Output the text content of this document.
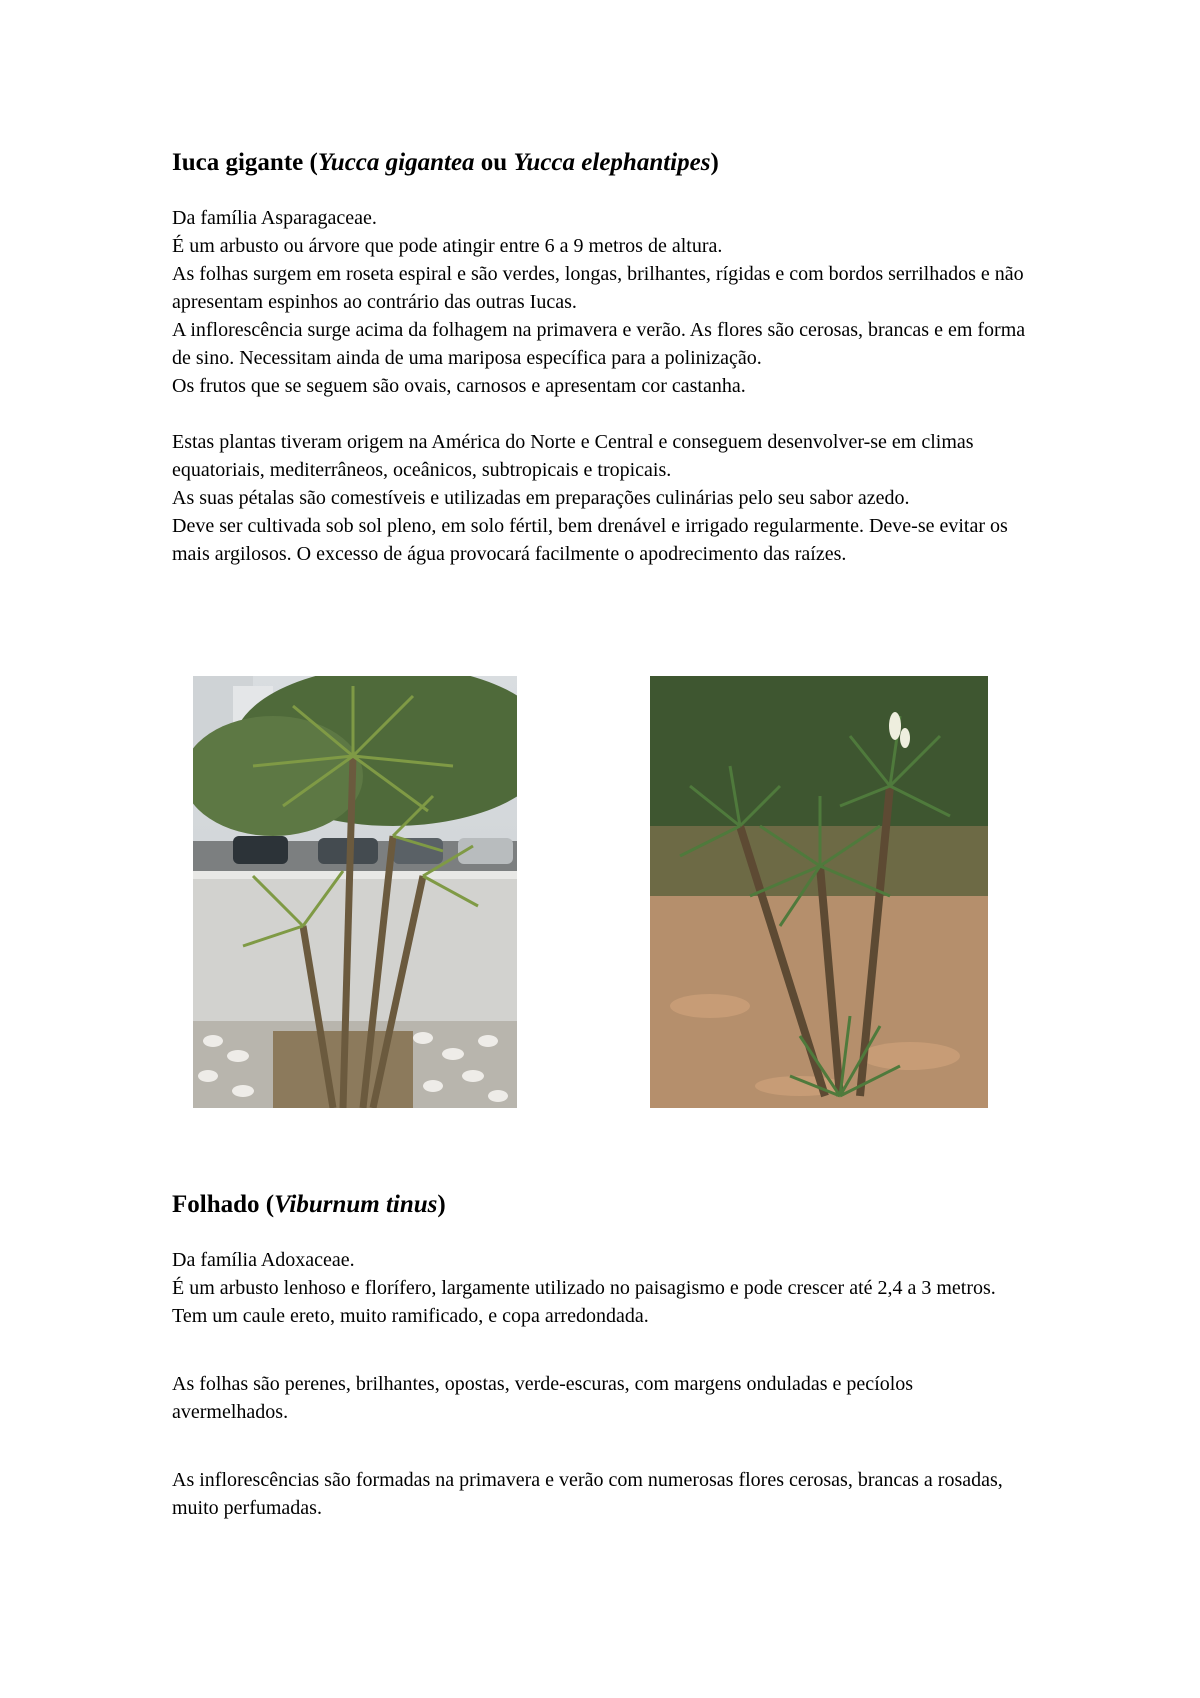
Iuca gigante (Yucca gigantea ou Yucca elephantipes)

Da família Asparagaceae.
É um arbusto ou árvore que pode atingir entre 6 a 9 metros de altura.
As folhas surgem em roseta espiral e são verdes, longas, brilhantes, rígidas e com bordos serrilhados e não apresentam espinhos ao contrário das outras Iucas.
A inflorescência surge acima da folhagem na primavera e verão. As flores são cerosas, brancas e em forma de sino. Necessitam ainda de uma mariposa específica para a polinização.
Os frutos que se seguem são ovais, carnosos e apresentam cor castanha.

Estas plantas tiveram origem na América do Norte e Central e conseguem desenvolver-se em climas equatoriais, mediterrâneos, oceânicos, subtropicais e tropicais.
As suas pétalas são comestíveis e utilizadas em preparações culinárias pelo seu sabor azedo.
Deve ser cultivada sob sol pleno, em solo fértil, bem drenável e irrigado regularmente. Deve-se evitar os mais argilosos. O excesso de água provocará facilmente o apodrecimento das raízes.

Folhado (Viburnum tinus)

Da família Adoxaceae.
É um arbusto lenhoso e florífero, largamente utilizado no paisagismo e pode crescer até 2,4 a 3 metros.
Tem um caule ereto, muito ramificado, e copa arredondada.

As folhas são perenes, brilhantes, opostas, verde-escuras, com margens onduladas e pecíolos avermelhados.

As inflorescências são formadas na primavera e verão com numerosas flores cerosas, brancas a rosadas, muito perfumadas.
